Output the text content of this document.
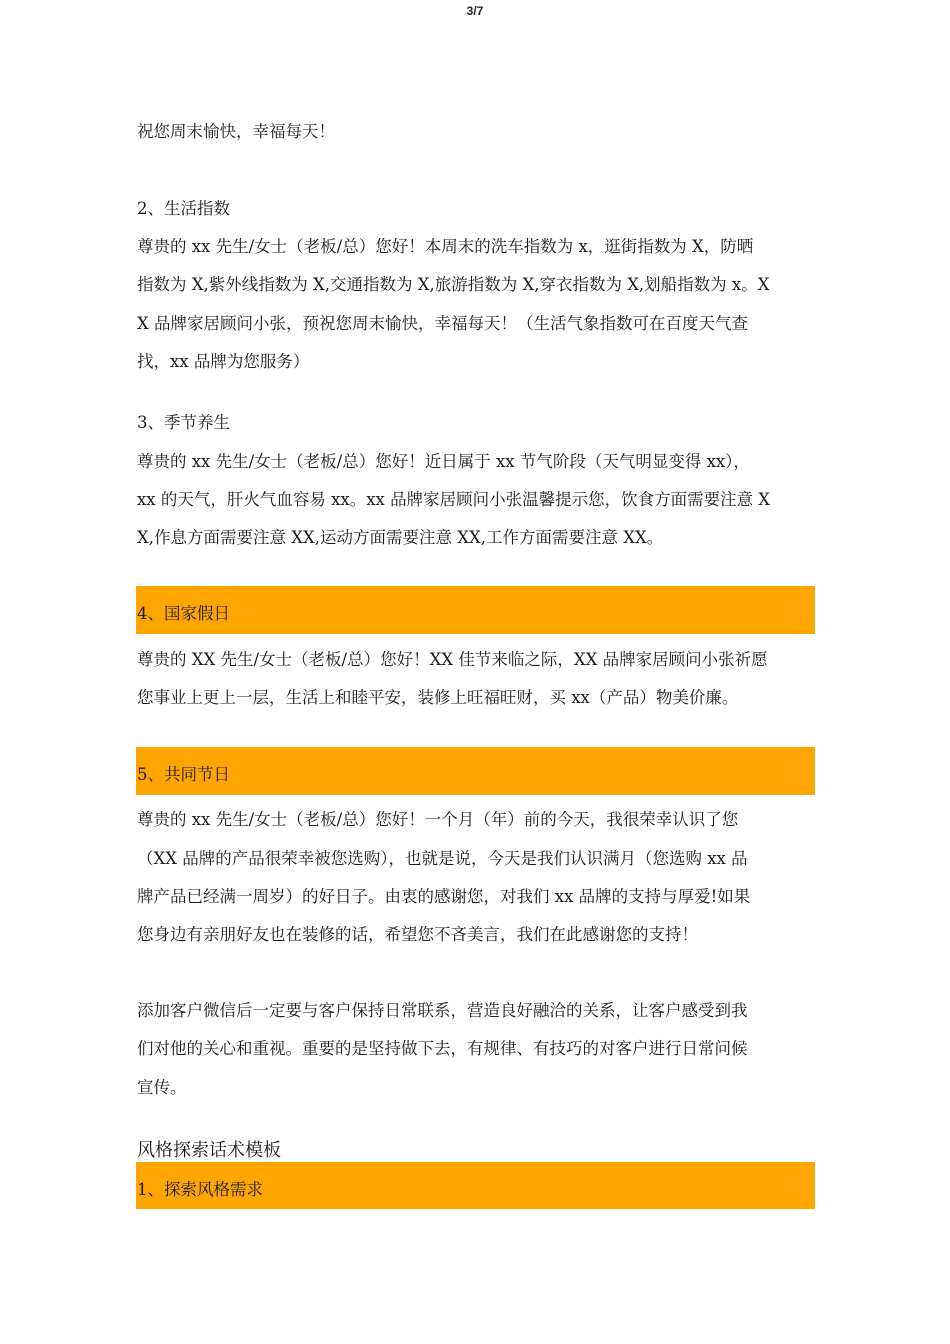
3/7
祝您周末愉快，幸福每天！
2、生活指数
尊贵的 xx 先生/女士（老板/总）您好！本周末的洗车指数为 x，逛街指数为 X，防晒
指数为 X,紫外线指数为 X,交通指数为 X,旅游指数为 X,穿衣指数为 X,划船指数为 x。X
X 品牌家居顾问小张，预祝您周末愉快，幸福每天！（生活气象指数可在百度天气查
找，xx 品牌为您服务）
3、季节养生
尊贵的 xx 先生/女士（老板/总）您好！近日属于 xx 节气阶段（天气明显变得 xx），
xx 的天气，肝火气血容易 xx。xx 品牌家居顾问小张温馨提示您，饮食方面需要注意 X
X,作息方面需要注意 XX,运动方面需要注意 XX,工作方面需要注意 XX。
4、国家假日
尊贵的 XX 先生/女士（老板/总）您好！XX 佳节来临之际，XX 品牌家居顾问小张祈愿
您事业上更上一层，生活上和睦平安，装修上旺福旺财，买 xx（产品）物美价廉。
5、共同节日
尊贵的 xx 先生/女士（老板/总）您好！一个月（年）前的今天，我很荣幸认识了您
（XX 品牌的产品很荣幸被您选购），也就是说，今天是我们认识满月（您选购 xx 品
牌产品已经满一周岁）的好日子。由衷的感谢您，对我们 xx 品牌的支持与厚爱!如果
您身边有亲朋好友也在装修的话，希望您不吝美言，我们在此感谢您的支持！
添加客户微信后一定要与客户保持日常联系，营造良好融洽的关系，让客户感受到我
们对他的关心和重视。重要的是坚持做下去，有规律、有技巧的对客户进行日常问候
宣传。
风格探索话术模板
1、探索风格需求
